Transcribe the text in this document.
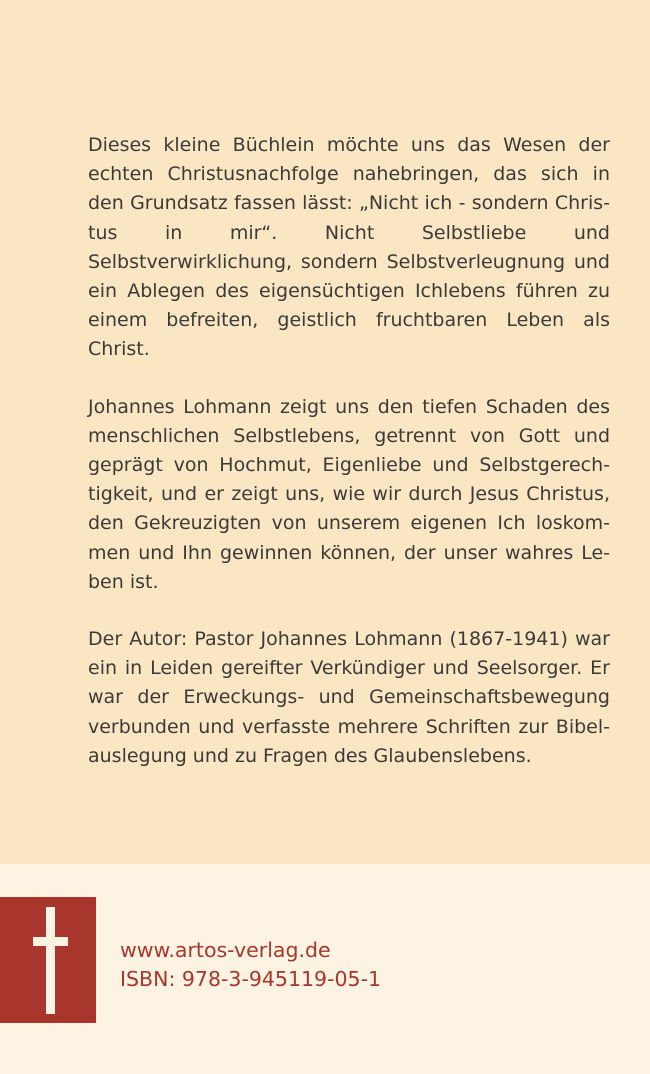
Dieses kleine Büchlein möchte uns das Wesen der echten Christusnachfolge nahebringen, das sich in den Grundsatz fassen lässt: „Nicht ich - sondern Christus in mir“. Nicht Selbstliebe und Selbstverwirklichung, sondern Selbstverleugnung und ein Ablegen des eigensüchtigen Ichlebens führen zu einem befreiten, geistlich fruchtbaren Leben als Christ.

Johannes Lohmann zeigt uns den tiefen Schaden des menschlichen Selbstlebens, getrennt von Gott und geprägt von Hochmut, Eigenliebe und Selbstgerechtigkeit, und er zeigt uns, wie wir durch Jesus Christus, den Gekreuzigten von unserem eigenen Ich loskommen und Ihn gewinnen können, der unser wahres Leben ist.

Der Autor: Pastor Johannes Lohmann (1867-1941) war ein in Leiden gereifter Verkündiger und Seelsorger. Er war der Erweckungs- und Gemeinschaftsbewegung verbunden und verfasste mehrere Schriften zur Bibelauslegung und zu Fragen des Glaubenslebens.

www.artos-verlag.de
ISBN: 978-3-945119-05-1
